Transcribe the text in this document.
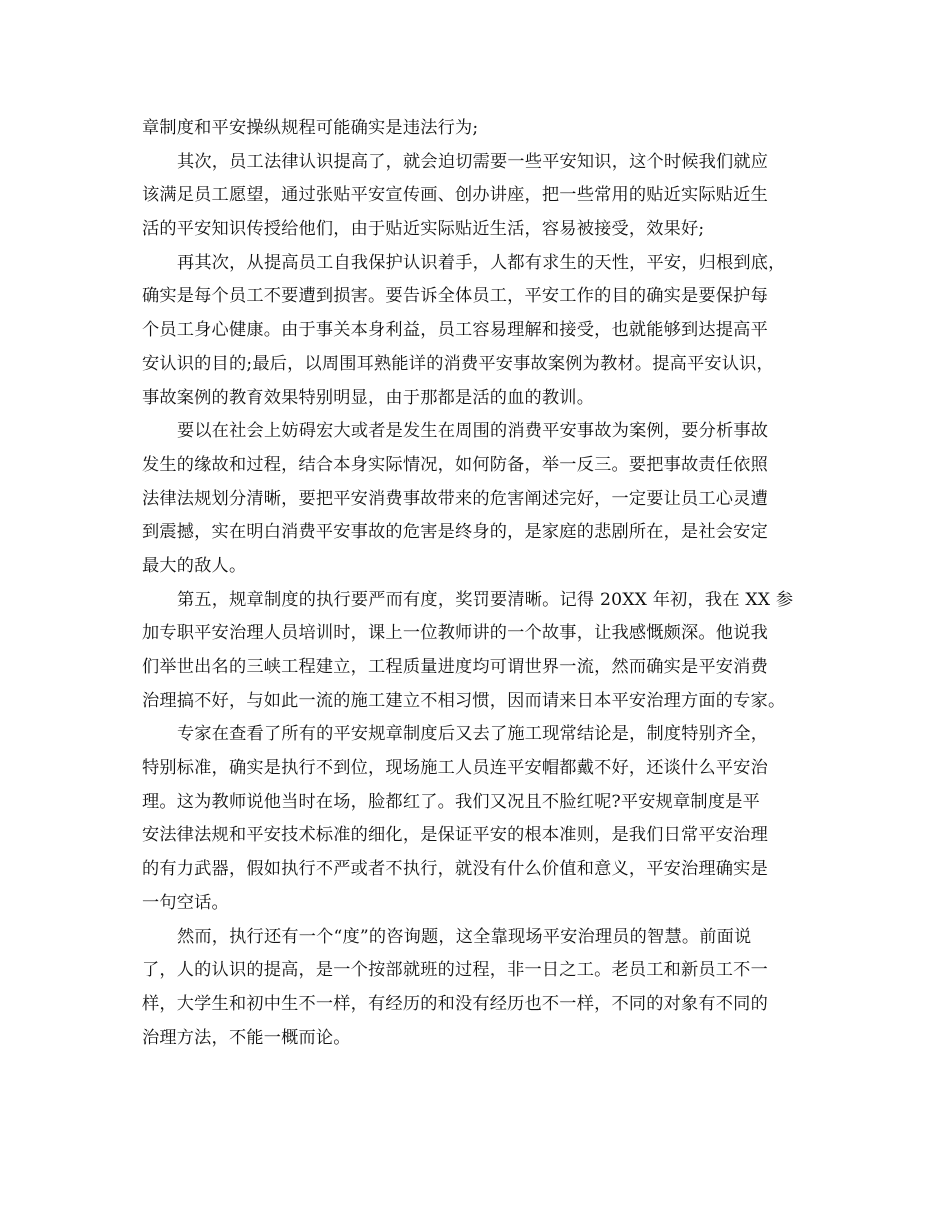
章制度和平安操纵规程可能确实是违法行为;
其次，员工法律认识提高了，就会迫切需要一些平安知识，这个时候我们就应
该满足员工愿望，通过张贴平安宣传画、创办讲座，把一些常用的贴近实际贴近生
活的平安知识传授给他们，由于贴近实际贴近生活，容易被接受，效果好;
再其次，从提高员工自我保护认识着手，人都有求生的天性，平安，归根到底，
确实是每个员工不要遭到损害。要告诉全体员工，平安工作的目的确实是要保护每
个员工身心健康。由于事关本身利益，员工容易理解和接受，也就能够到达提高平
安认识的目的;最后，以周围耳熟能详的消费平安事故案例为教材。提高平安认识，
事故案例的教育效果特别明显，由于那都是活的血的教训。
要以在社会上妨碍宏大或者是发生在周围的消费平安事故为案例，要分析事故
发生的缘故和过程，结合本身实际情况，如何防备，举一反三。要把事故责任依照
法律法规划分清晰，要把平安消费事故带来的危害阐述完好，一定要让员工心灵遭
到震撼，实在明白消费平安事故的危害是终身的，是家庭的悲剧所在，是社会安定
最大的敌人。
第五，规章制度的执行要严而有度，奖罚要清晰。记得 20XX 年初，我在 XX 参
加专职平安治理人员培训时，课上一位教师讲的一个故事，让我感慨颇深。他说我
们举世出名的三峡工程建立，工程质量进度均可谓世界一流，然而确实是平安消费
治理搞不好，与如此一流的施工建立不相习惯，因而请来日本平安治理方面的专家。
专家在查看了所有的平安规章制度后又去了施工现常结论是，制度特别齐全，
特别标准，确实是执行不到位，现场施工人员连平安帽都戴不好，还谈什么平安治
理。这为教师说他当时在场，脸都红了。我们又况且不脸红呢?平安规章制度是平
安法律法规和平安技术标准的细化，是保证平安的根本准则，是我们日常平安治理
的有力武器，假如执行不严或者不执行，就没有什么价值和意义，平安治理确实是
一句空话。
然而，执行还有一个“度”的咨询题，这全靠现场平安治理员的智慧。前面说
了，人的认识的提高，是一个按部就班的过程，非一日之工。老员工和新员工不一
样，大学生和初中生不一样，有经历的和没有经历也不一样，不同的对象有不同的
治理方法，不能一概而论。
